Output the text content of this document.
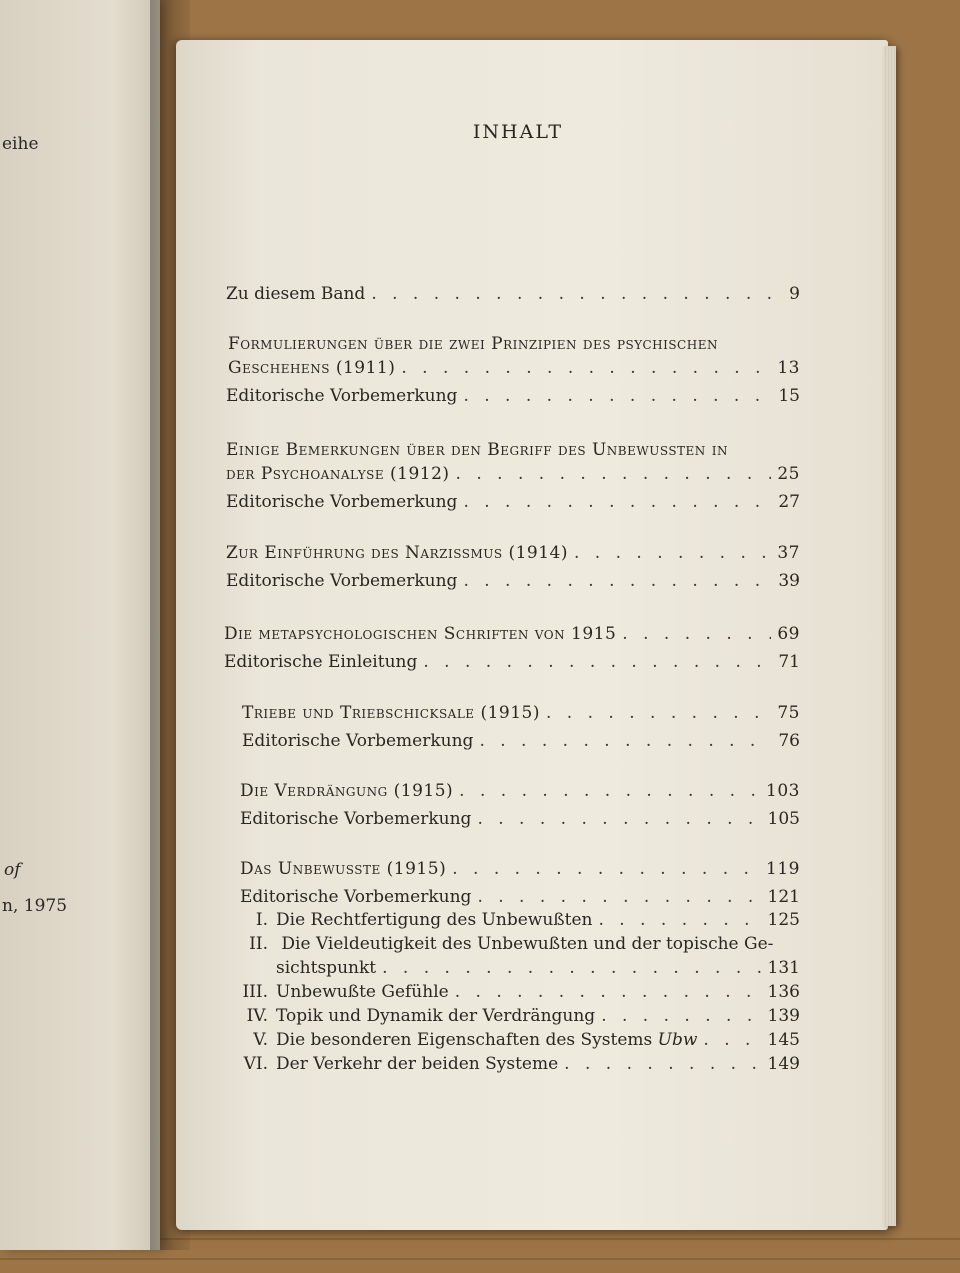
eihe
of
n, 1975
INHALT
Zu diesem Band . . .	9
Formulierungen über die zwei Prinzipien des psychischen
Geschehens (1911) . . .	13
Editorische Vorbemerkung . . .	15
Einige Bemerkungen über den Begriff des Unbewussten in
der Psychoanalyse (1912) . . .	25
Editorische Vorbemerkung . . .	27
Zur Einführung des Narzissmus (1914) . . .	37
Editorische Vorbemerkung . . .	39
Die metapsychologischen Schriften von 1915 . . .	69
Editorische Einleitung . . .	71
Triebe und Triebschicksale (1915) . . .	75
Editorische Vorbemerkung . . .	76
Die Verdrängung (1915) . . .	103
Editorische Vorbemerkung . . .	105
Das Unbewusste (1915) . . .	119
Editorische Vorbemerkung . . .	121
I. Die Rechtfertigung des Unbewußten . . .	125
II. Die Vieldeutigkeit des Unbewußten und der topische Ge-
sichtspunkt . . .	131
III. Unbewußte Gefühle . . .	136
IV. Topik und Dynamik der Verdrängung . . .	139
V. Die besonderen Eigenschaften des Systems Ubw . . .	145
VI. Der Verkehr der beiden Systeme . . .	149
